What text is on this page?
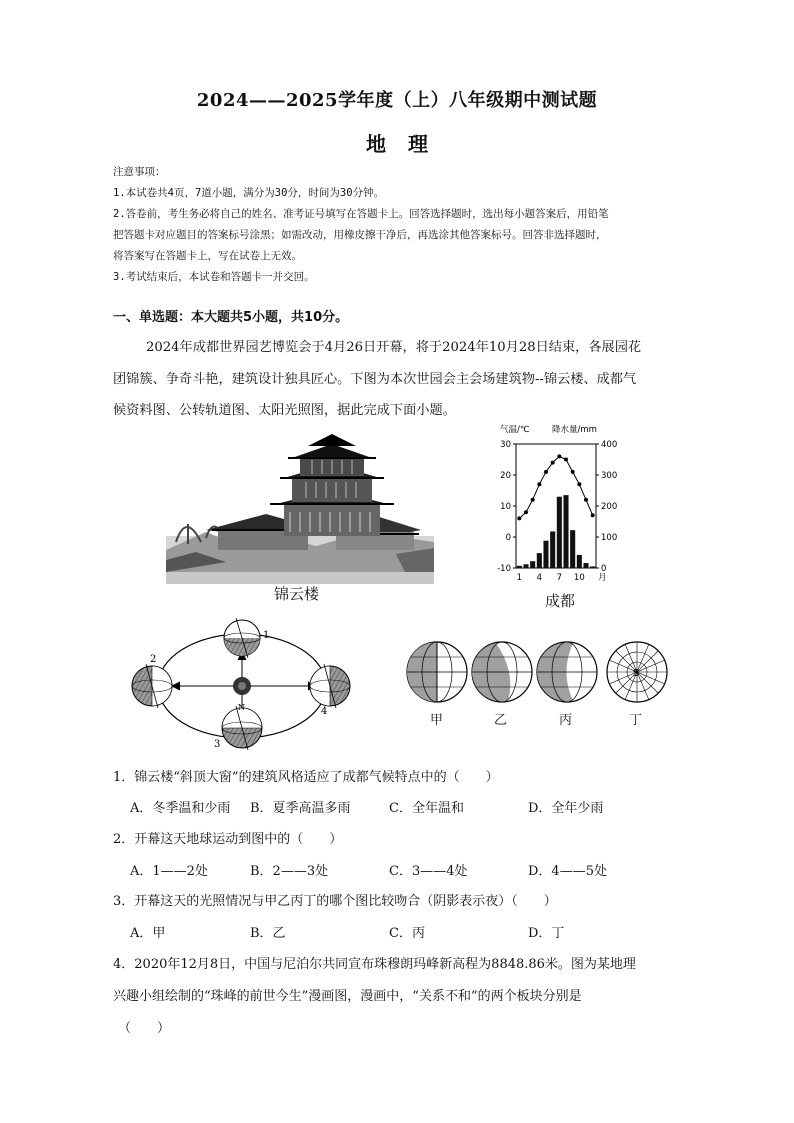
2024——2025学年度（上）八年级期中测试题
地理
注意事项：
1.本试卷共4页，7道小题，满分为30分，时间为30分钟。
2.答卷前，考生务必将自己的姓名、准考证号填写在答题卡上。回答选择题时，选出每小题答案后，用铅笔
把答题卡对应题目的答案标号涂黑；如需改动，用橡皮擦干净后，再选涂其他答案标号。回答非选择题时，
将答案写在答题卡上，写在试卷上无效。
3.考试结束后，本试卷和答题卡一并交回。
一、单选题：本大题共5小题，共10分。
2024年成都世界园艺博览会于4月26日开幕，将于2024年10月28日结束，各展园花
团锦簇、争奇斗艳，建筑设计独具匠心。下图为本次世园会主会场建筑物--锦云楼、成都气
候资料图、公转轨道图、太阳光照图，据此完成下面小题。
锦云楼
气温/℃	降水量/mm
30
20
10
0
-10
400
300
200
100
0
1 4 7 10 月
成都
1
2
3
N	4
S
甲	乙	丙	丁
1．锦云楼“斜顶大窗”的建筑风格适应了成都气候特点中的（　　）
A．冬季温和少雨 B．夏季高温多雨	C．全年温和	D．全年少雨
2．开幕这天地球运动到图中的（　　）
A．1——2处	B．2——3处	C．3——4处	D．4——5处
3．开幕这天的光照情况与甲乙丙丁的哪个图比较吻合（阴影表示夜）（　　）
A．甲	B．乙	C．丙	D．丁
4．2020年12月8日，中国与尼泊尔共同宣布珠穆朗玛峰新高程为8848.86米。图为某地理
兴趣小组绘制的“珠峰的前世今生”漫画图，漫画中，“关系不和”的两个板块分别是
（　　）
